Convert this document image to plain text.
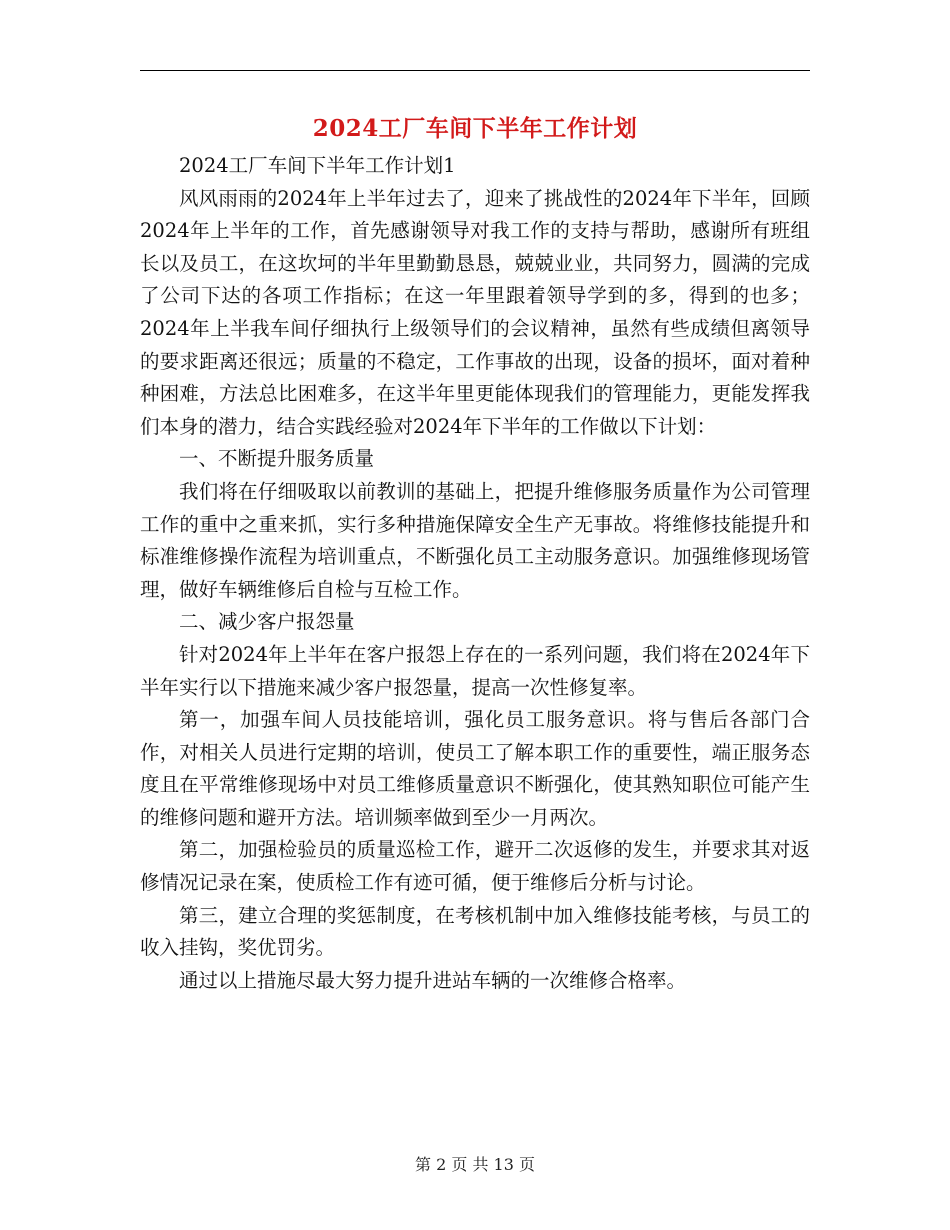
2024工厂车间下半年工作计划

2024工厂车间下半年工作计划1

风风雨雨的2024年上半年过去了，迎来了挑战性的2024年下半年，回顾2024年上半年的工作，首先感谢领导对我工作的支持与帮助，感谢所有班组长以及员工，在这坎坷的半年里勤勤恳恳，兢兢业业，共同努力，圆满的完成了公司下达的各项工作指标；在这一年里跟着领导学到的多，得到的也多；2024年上半我车间仔细执行上级领导们的会议精神，虽然有些成绩但离领导的要求距离还很远；质量的不稳定，工作事故的出现，设备的损坏，面对着种种困难，方法总比困难多，在这半年里更能体现我们的管理能力，更能发挥我们本身的潜力，结合实践经验对2024年下半年的工作做以下计划：

一、不断提升服务质量

我们将在仔细吸取以前教训的基础上，把提升维修服务质量作为公司管理工作的重中之重来抓，实行多种措施保障安全生产无事故。将维修技能提升和标准维修操作流程为培训重点，不断强化员工主动服务意识。加强维修现场管理，做好车辆维修后自检与互检工作。

二、减少客户报怨量

针对2024年上半年在客户报怨上存在的一系列问题，我们将在2024年下半年实行以下措施来减少客户报怨量，提高一次性修复率。

第一，加强车间人员技能培训，强化员工服务意识。将与售后各部门合作，对相关人员进行定期的培训，使员工了解本职工作的重要性，端正服务态度且在平常维修现场中对员工维修质量意识不断强化，使其熟知职位可能产生的维修问题和避开方法。培训频率做到至少一月两次。

第二，加强检验员的质量巡检工作，避开二次返修的发生，并要求其对返修情况记录在案，使质检工作有迹可循，便于维修后分析与讨论。

第三，建立合理的奖惩制度，在考核机制中加入维修技能考核，与员工的收入挂钩，奖优罚劣。

通过以上措施尽最大努力提升进站车辆的一次维修合格率。

第 2 页 共 13 页
